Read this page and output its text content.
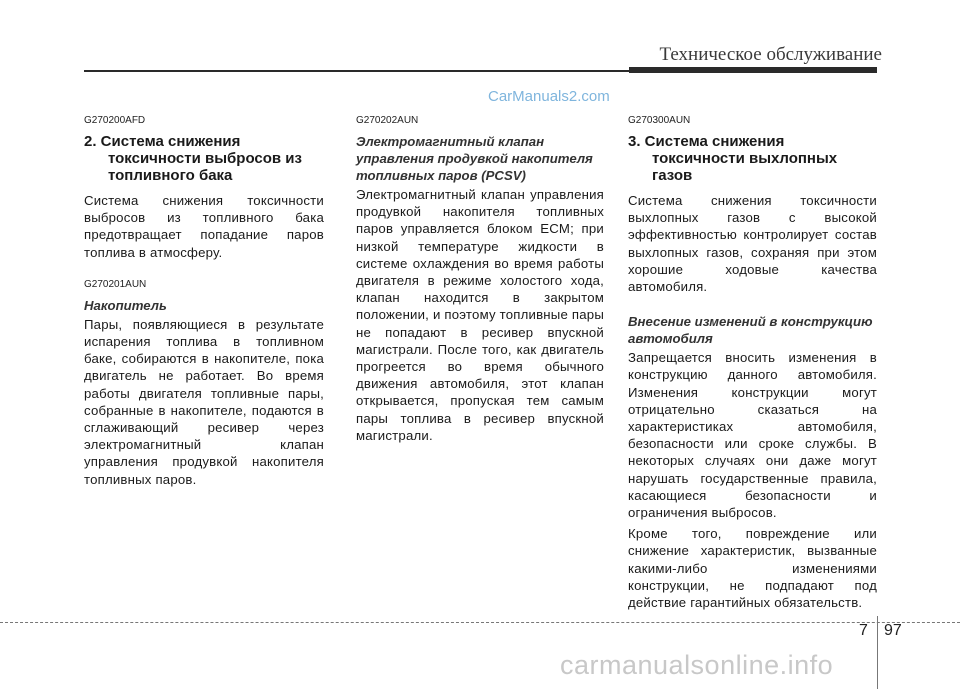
Техническое обслуживание
G270200AFD
2. Система снижения токсичности выбросов из топливного бака
Система снижения токсичности выбросов из топливного бака предотвращает попадание паров топлива в атмосферу.
G270201AUN
Накопитель
Пары, появляющиеся в результате испарения топлива в топливном баке, собираются в накопителе, пока двигатель не работает. Во время работы двигателя топливные пары, собранные в накопителе, подаются в сглаживающий ресивер через электромагнитный клапан управления продувкой накопителя топливных паров.
G270202AUN
Электромагнитный клапан управления продувкой накопителя топливных паров (PCSV)
Электромагнитный клапан управления продувкой накопителя топливных паров управляется блоком ECM; при низкой температуре жидкости в системе охлаждения во время работы двигателя в режиме холостого хода, клапан находится в закрытом положении, и поэтому топливные пары не попадают в ресивер впускной магистрали. После того, как двигатель прогреется во время обычного движения автомобиля, этот клапан открывается, пропуская тем самым пары топлива в ресивер впускной магистрали.
G270300AUN
3. Система снижения токсичности выхлопных газов
Система снижения токсичности выхлопных газов с высокой эффективностью контролирует состав выхлопных газов, сохраняя при этом хорошие ходовые качества автомобиля.
Внесение изменений в конструкцию автомобиля
Запрещается вносить изменения в конструкцию данного автомобиля. Изменения конструкции могут отрицательно сказаться на характеристиках автомобиля, безопасности или сроке службы. В некоторых случаях они даже могут нарушать государственные правила, касающиеся безопасности и ограничения выбросов.
Кроме того, повреждение или снижение характеристик, вызванные какими-либо изменениями конструкции, не подпадают под действие гарантийных обязательств.
CarManuals2.com
7 97
carmanualsonline.info
